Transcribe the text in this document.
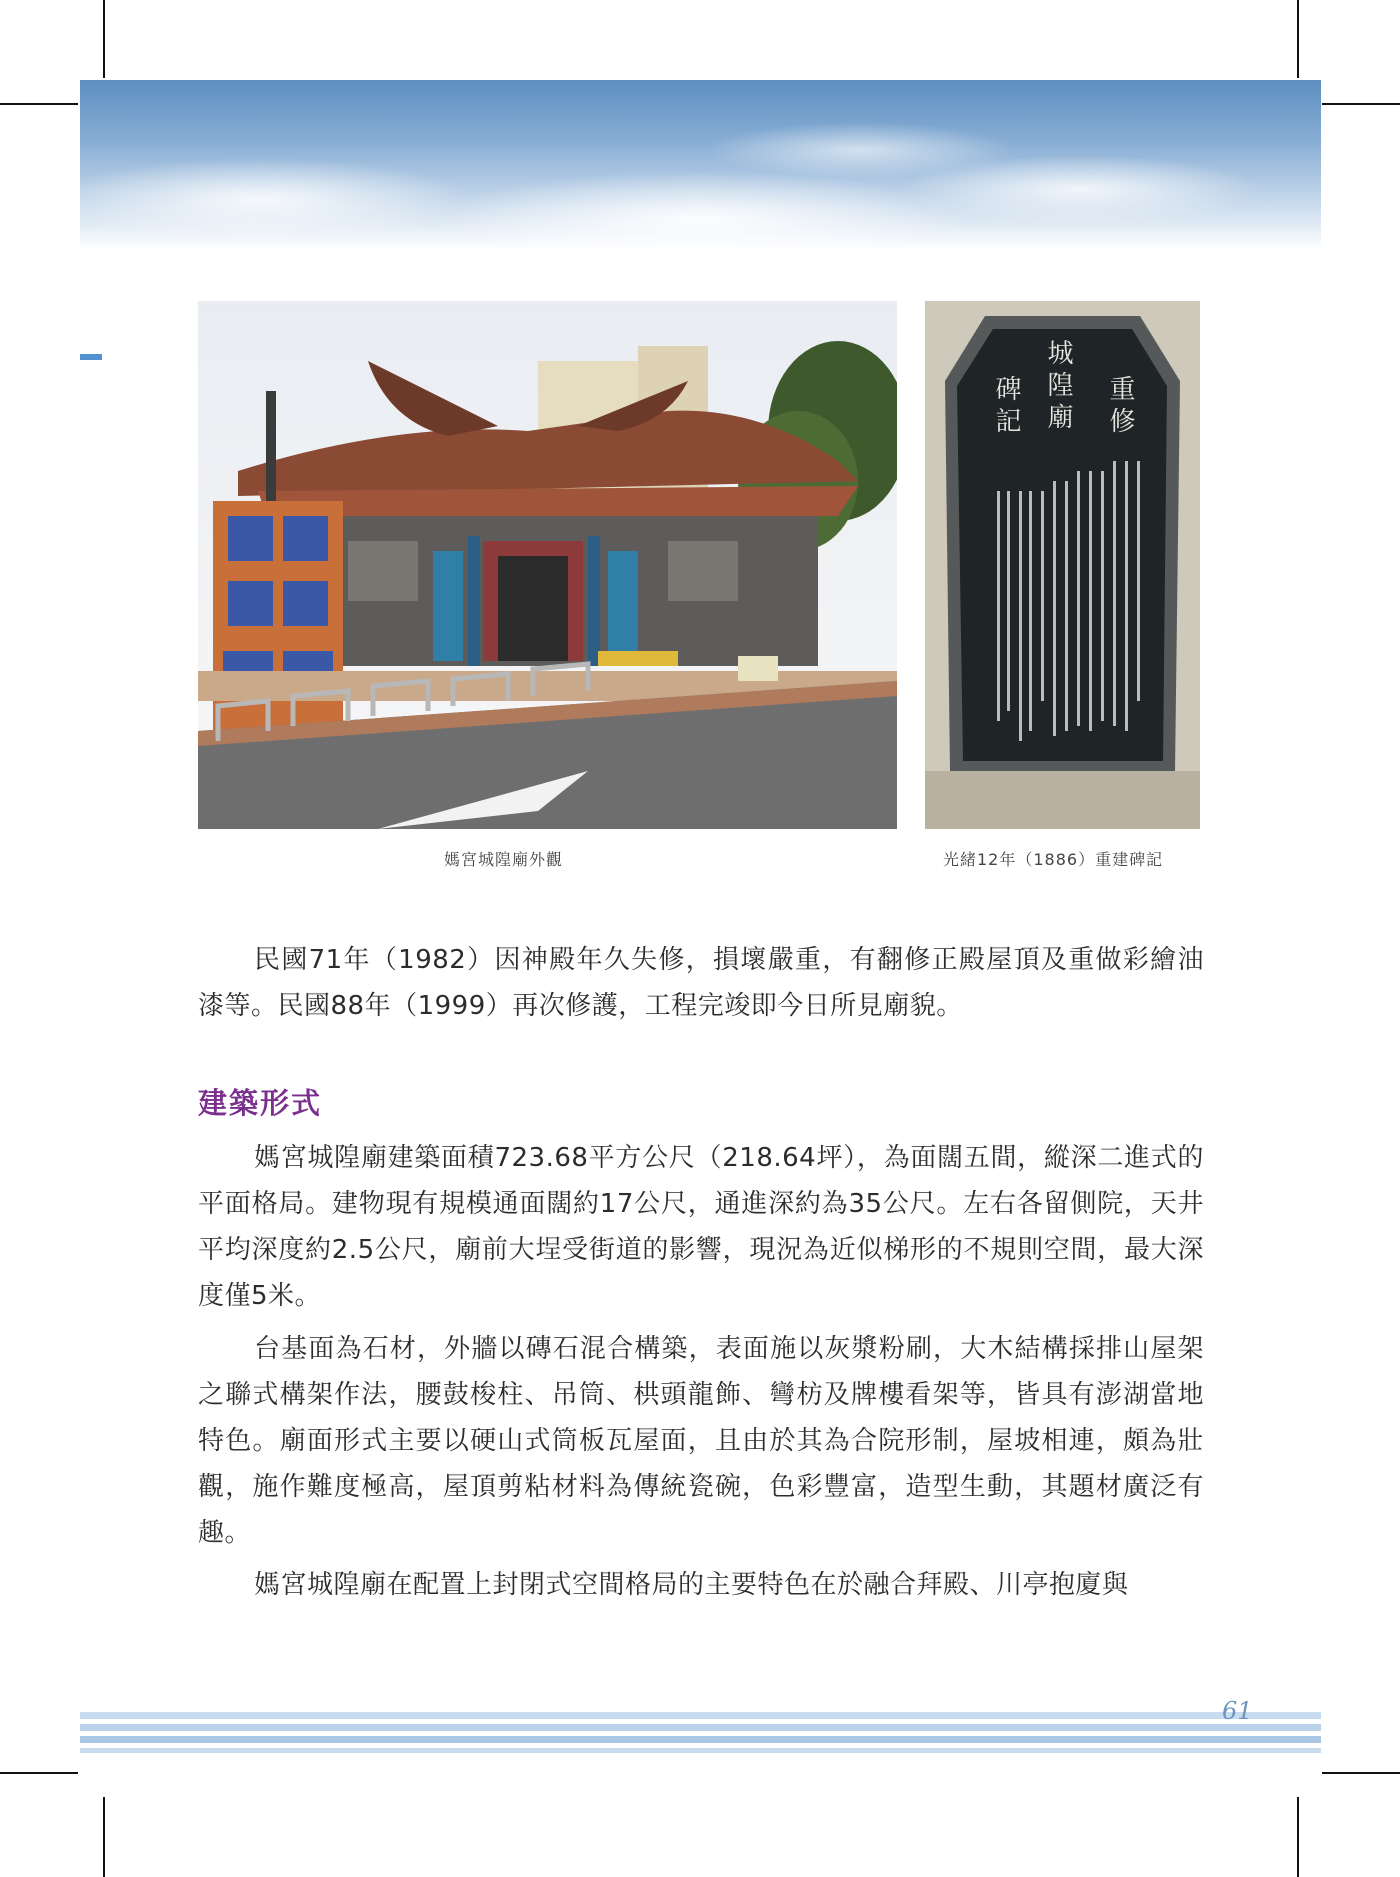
重修
城隍廟
碑記
媽宮城隍廟外觀	光緒12年（1886）重建碑記

民國71年（1982）因神殿年久失修，損壞嚴重，有翻修正殿屋頂及重做彩繪油漆等。民國88年（1999）再次修護，工程完竣即今日所見廟貌。

建築形式

媽宮城隍廟建築面積723.68平方公尺（218.64坪），為面闊五間，縱深二進式的平面格局。建物現有規模通面闊約17公尺，通進深約為35公尺。左右各留側院，天井平均深度約2.5公尺，廟前大埕受街道的影響，現況為近似梯形的不規則空間，最大深度僅5米。

台基面為石材，外牆以磚石混合構築，表面施以灰漿粉刷，大木結構採排山屋架之聯式構架作法，腰鼓梭柱、吊筒、栱頭龍飾、彎枋及牌樓看架等，皆具有澎湖當地特色。廟面形式主要以硬山式筒板瓦屋面，且由於其為合院形制，屋坡相連，頗為壯觀，施作難度極高，屋頂剪粘材料為傳統瓷碗，色彩豐富，造型生動，其題材廣泛有趣。

媽宮城隍廟在配置上封閉式空間格局的主要特色在於融合拜殿、川亭抱廈與

61
